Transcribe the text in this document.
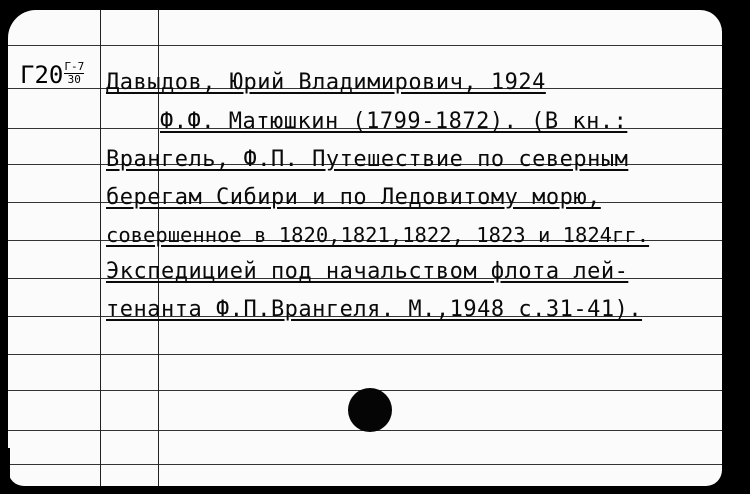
$Г20 \frac{Г-7}{30}$ Давыдов, Юрий Владимирович, 1924
Ф.Ф. Матюшкин (1799-1872). (В кн.:
Врангель, Ф.П. Путешествие по северным
берегам Сибири и по Ледовитому морю,
совершенное в 1820,1821,1822, 1823 и 1824гг.
Экспедицией под начальством флота лей-
тенанта Ф.П.Врангеля. М.,1948 с.31-41).
